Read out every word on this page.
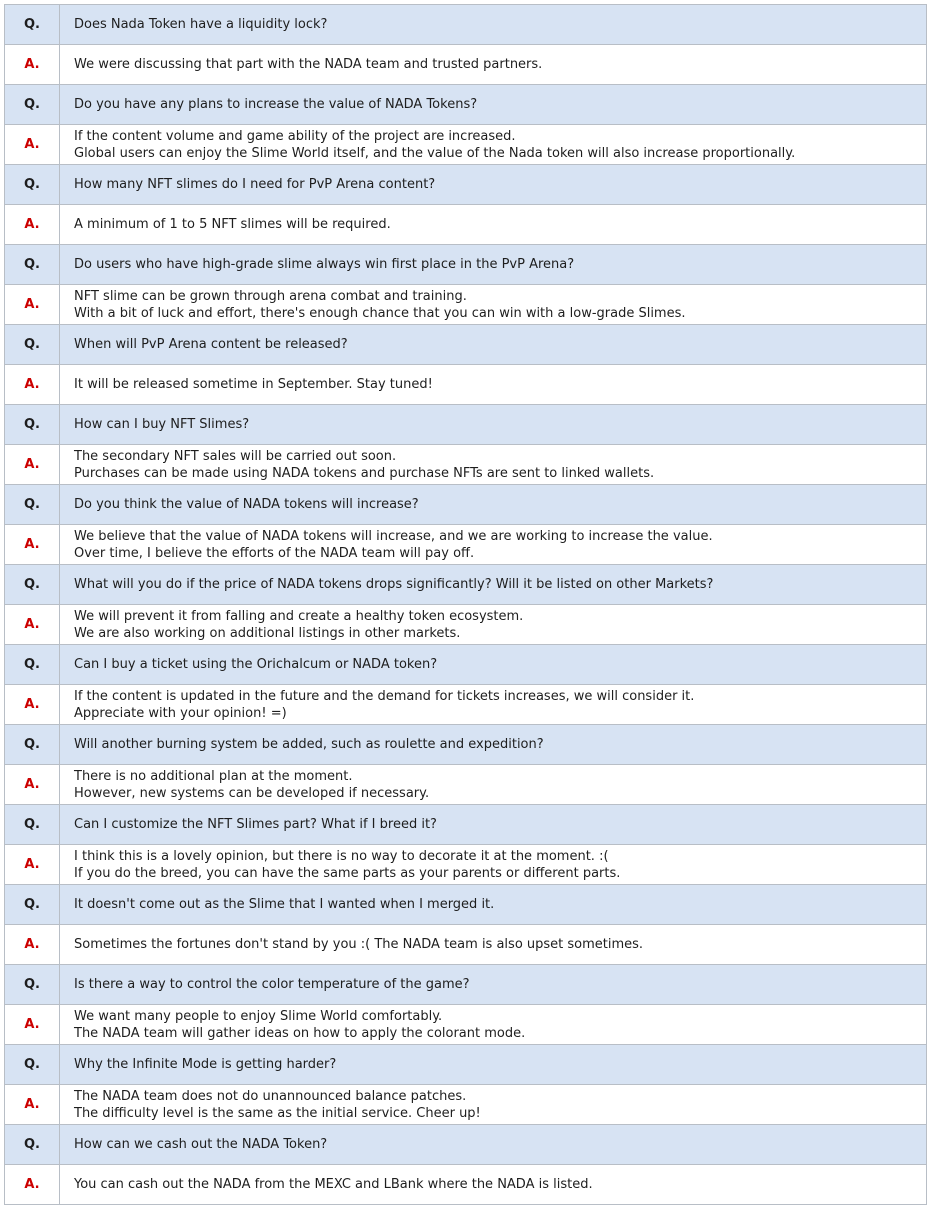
Q.	Does Nada Token have a liquidity lock?
A.	We were discussing that part with the NADA team and trusted partners.
Q.	Do you have any plans to increase the value of NADA Tokens?
A.	If the content volume and game ability of the project are increased.
Global users can enjoy the Slime World itself, and the value of the Nada token will also increase proportionally.
Q.	How many NFT slimes do I need for PvP Arena content?
A.	A minimum of 1 to 5 NFT slimes will be required.
Q.	Do users who have high-grade slime always win first place in the PvP Arena?
A.	NFT slime can be grown through arena combat and training.
With a bit of luck and effort, there's enough chance that you can win with a low-grade Slimes.
Q.	When will PvP Arena content be released?
A.	It will be released sometime in September. Stay tuned!
Q.	How can I buy NFT Slimes?
A.	The secondary NFT sales will be carried out soon.
Purchases can be made using NADA tokens and purchase NFTs are sent to linked wallets.
Q.	Do you think the value of NADA tokens will increase?
A.	We believe that the value of NADA tokens will increase, and we are working to increase the value.
Over time, I believe the efforts of the NADA team will pay off.
Q.	What will you do if the price of NADA tokens drops significantly? Will it be listed on other Markets?
A.	We will prevent it from falling and create a healthy token ecosystem.
We are also working on additional listings in other markets.
Q.	Can I buy a ticket using the Orichalcum or NADA token?
A.	If the content is updated in the future and the demand for tickets increases, we will consider it.
Appreciate with your opinion! =)
Q.	Will another burning system be added, such as roulette and expedition?
A.	There is no additional plan at the moment.
However, new systems can be developed if necessary.
Q.	Can I customize the NFT Slimes part? What if I breed it?
A.	I think this is a lovely opinion, but there is no way to decorate it at the moment. :(
If you do the breed, you can have the same parts as your parents or different parts.
Q.	It doesn't come out as the Slime that I wanted when I merged it.
A.	Sometimes the fortunes don't stand by you :( The NADA team is also upset sometimes.
Q.	Is there a way to control the color temperature of the game?
A.	We want many people to enjoy Slime World comfortably.
The NADA team will gather ideas on how to apply the colorant mode.
Q.	Why the Infinite Mode is getting harder?
A.	The NADA team does not do unannounced balance patches.
The difficulty level is the same as the initial service. Cheer up!
Q.	How can we cash out the NADA Token?
A.	You can cash out the NADA from the MEXC and LBank where the NADA is listed.
